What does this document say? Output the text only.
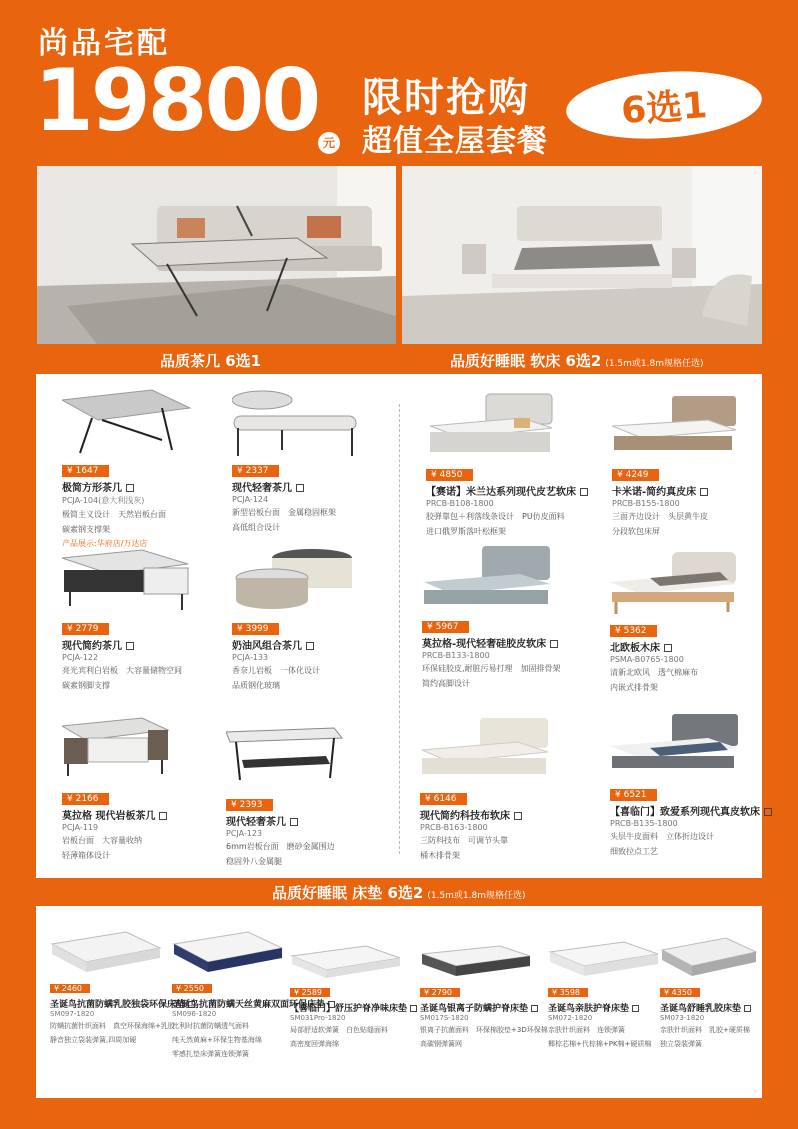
尚品宅配
19800 元
限时抢购
超值全屋套餐
6选1
品质茶几 6选1	品质好睡眠 软床 6选2 (1.5m或1.8m规格任选)
品质好睡眠 床垫 6选2 (1.5m或1.8m规格任选)
¥ 1647
极简方形茶几
PCJA-104(意大利浅灰)
极简主义设计　天然岩板台面
碳素钢支撑架
产品展示:华府店/万达店
¥ 2337
现代轻奢茶几
PCJA-124
新型岩板台面　金属稳固框架
高低组合设计
¥ 2779
现代简约茶几
PCJA-122
亮光宾利白岩板　大容量储物空间
碳素钢脚支撑
¥ 3999
奶油风组合茶几
PCJA-133
香奈儿岩板　一体化设计
品质钢化玻璃
¥ 2166
莫拉格 现代岩板茶几
PCJA-119
岩板台面　大容量收纳
轻薄箱体设计
¥ 2393
现代轻奢茶几
PCJA-123
6mm岩板台面　磨砂金属围边
稳固外八金属腿
¥ 4850
【赛诺】米兰达系列现代皮艺软床
PRCB-B108-1800
胶弹靠包＋利落线条设计　PU仿皮面料
进口俄罗斯落叶松框架
¥ 4249
卡米诺-简约真皮床
PRCB-B155-1800
三面齐边设计　头层黄牛皮
分段软包床屏
¥ 5967
莫拉格-现代轻奢硅胶皮软床
PRCB-B133-1800
环保硅胶皮,耐脏污易打理　加固排骨架
简约高脚设计
¥ 5362
北欧板木床
PSMA-B0765-1800
清新北欧风　透气棉麻布
内嵌式排骨架
¥ 6146
现代简约科技布软床
PRCB-B163-1800
三防科技布　可调节头靠
桶木排骨架
¥ 6521
【喜临门】致爱系列现代真皮软床
PRCB-B135-1800
头层牛皮面料　立体折边设计
细致拉点工艺
¥ 2460
圣诞鸟抗菌防螨乳胶独袋环保床垫
SM097-1820
防螨抗菌针织面料　真空环保海绵+乳胶
静音独立袋装弹簧,四周加硬
¥ 2550
圣诞鸟抗菌防螨天丝黄麻双面环保床垫
SM096-1820
比利时抗菌防螨透气面料
纯天然黄麻+环保生物基海绵
零感扎垫床弹簧连锁弹簧
¥ 2589
【喜临门】舒压护脊净味床垫
SM031Pro-1820
局部舒适软弹簧　白色贴缝面料
高密度回弹海绵
¥ 2790
圣诞鸟银离子防螨护脊床垫
SM017S-1820
银离子抗菌面料　环保棉胶垫+3D环保棉
高碳钢弹簧网
¥ 3598
圣诞鸟亲肤护脊床垫
SM072-1820
亲肤针织面料　连锁弹簧
椰棕芯棉+代棕棉+PK棉+硬质棉
¥ 4350
圣诞鸟舒睡乳胶床垫
SM073-1820
亲肤针织面料　乳胶+硬质棉
独立袋装弹簧
